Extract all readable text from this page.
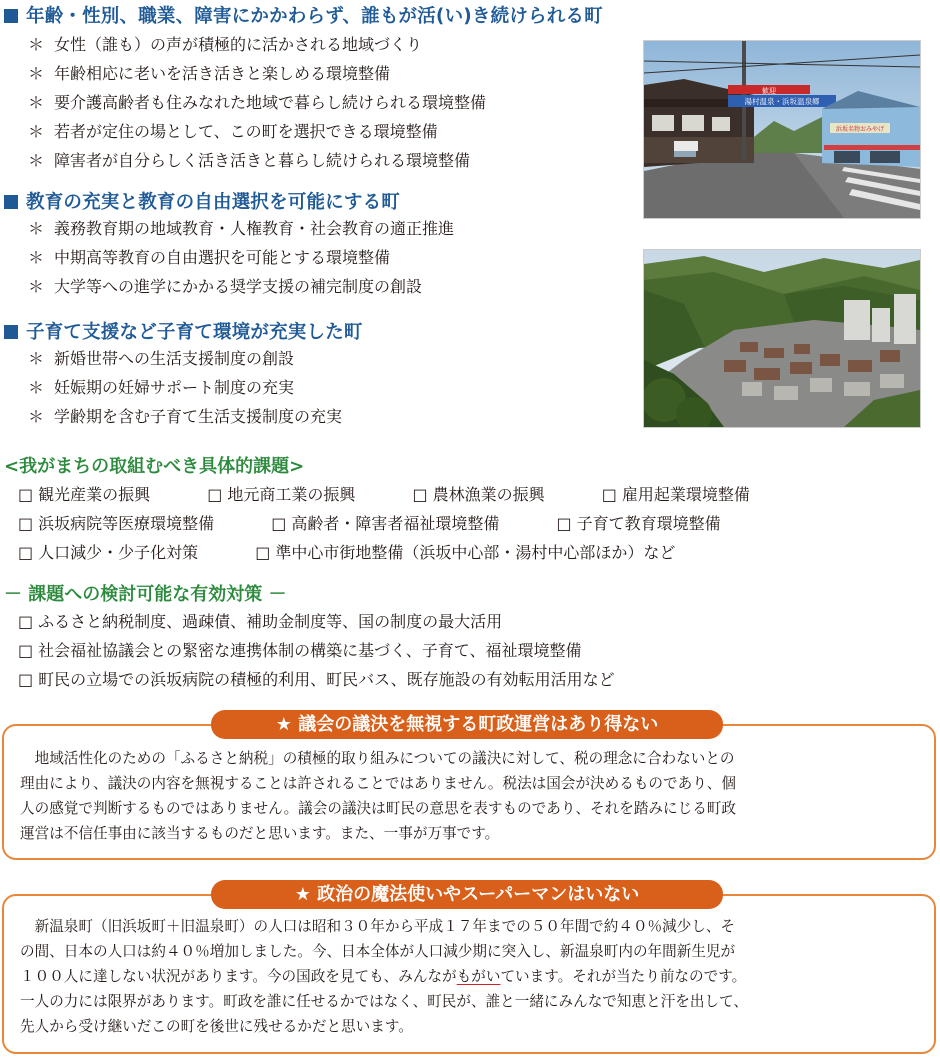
年齢・性別、職業、障害にかかわらず、誰もが活(い)き続けられる町
＊ 女性（誰も）の声が積極的に活かされる地域づくり
＊ 年齢相応に老いを活き活きと楽しめる環境整備
＊ 要介護高齢者も住みなれた地域で暮らし続けられる環境整備
＊ 若者が定住の場として、この町を選択できる環境整備
＊ 障害者が自分らしく活き活きと暮らし続けられる環境整備
教育の充実と教育の自由選択を可能にする町
＊ 義務教育期の地域教育・人権教育・社会教育の適正推進
＊ 中期高等教育の自由選択を可能とする環境整備
＊ 大学等への進学にかかる奨学支援の補完制度の創設
子育て支援など子育て環境が充実した町
＊ 新婚世帯への生活支援制度の創設
＊ 妊娠期の妊婦サポート制度の充実
＊ 学齢期を含む子育て生活支援制度の充実
歓迎
湯村温泉・浜坂温泉郷
浜坂名物おみやげ
<我がまちの取組むべき具体的課題>
□ 観光産業の振興	□ 地元商工業の振興	□ 農林漁業の振興	□ 雇用起業環境整備
□ 浜坂病院等医療環境整備	□ 高齢者・障害者福祉環境整備	□ 子育て教育環境整備
□ 人口減少・少子化対策	□ 準中心市街地整備（浜坂中心部・湯村中心部ほか）など
－ 課題への検討可能な有効対策 －
□ ふるさと納税制度、過疎債、補助金制度等、国の制度の最大活用
□ 社会福祉協議会との緊密な連携体制の構築に基づく、子育て、福祉環境整備
□ 町民の立場での浜坂病院の積極的利用、町民バス、既存施設の有効転用活用など
★ 議会の議決を無視する町政運営はあり得ない
　地域活性化のための「ふるさと納税」の積極的取り組みについての議決に対して、税の理念に合わないとの
理由により、議決の内容を無視することは許されることではありません。税法は国会が決めるものであり、個
人の感覚で判断するものではありません。議会の議決は町民の意思を表すものであり、それを踏みにじる町政
運営は不信任事由に該当するものだと思います。また、一事が万事です。
★ 政治の魔法使いやスーパーマンはいない
　新温泉町（旧浜坂町＋旧温泉町）の人口は昭和３０年から平成１７年までの５０年間で約４０％減少し、そ
の間、日本の人口は約４０％増加しました。今、日本全体が人口減少期に突入し、新温泉町内の年間新生児が
１００人に達しない状況があります。今の国政を見ても、みんながもがいています。それが当たり前なのです。
一人の力には限界があります。町政を誰に任せるかではなく、町民が、誰と一緒にみんなで知恵と汗を出して、
先人から受け継いだこの町を後世に残せるかだと思います。
